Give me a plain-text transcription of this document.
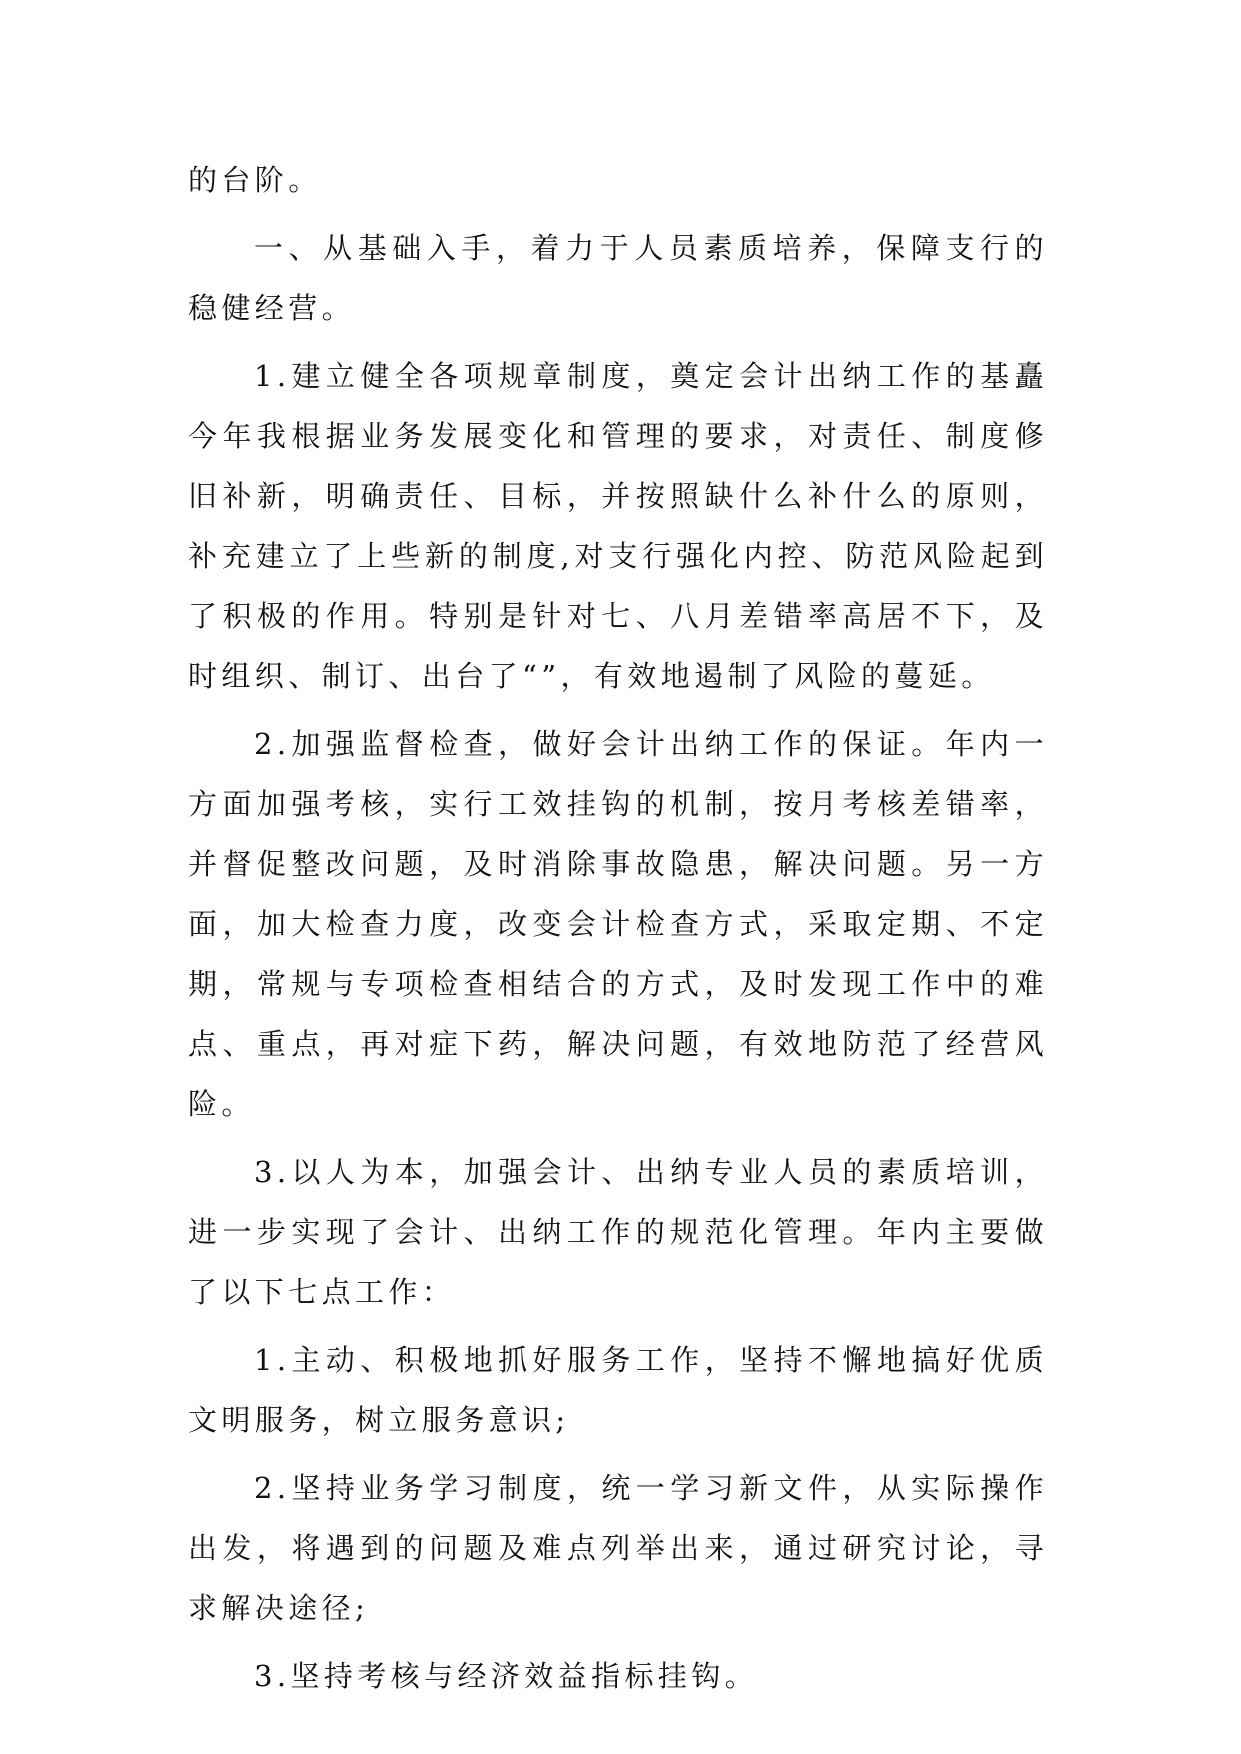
的台阶。

一、从基础入手，着力于人员素质培养，保障支行的稳健经营。

1.建立健全各项规章制度，奠定会计出纳工作的基矗今年我根据业务发展变化和管理的要求，对责任、制度修旧补新，明确责任、目标，并按照缺什么补什么的原则，补充建立了上些新的制度,对支行强化内控、防范风险起到了积极的作用。特别是针对七、八月差错率高居不下，及时组织、制订、出台了“”，有效地遏制了风险的蔓延。

2.加强监督检查，做好会计出纳工作的保证。年内一方面加强考核，实行工效挂钩的机制，按月考核差错率，并督促整改问题，及时消除事故隐患，解决问题。另一方面，加大检查力度，改变会计检查方式，采取定期、不定期，常规与专项检查相结合的方式，及时发现工作中的难点、重点，再对症下药，解决问题，有效地防范了经营风险。

3.以人为本，加强会计、出纳专业人员的素质培训，进一步实现了会计、出纳工作的规范化管理。年内主要做了以下七点工作：

1.主动、积极地抓好服务工作，坚持不懈地搞好优质文明服务，树立服务意识;

2.坚持业务学习制度，统一学习新文件，从实际操作出发，将遇到的问题及难点列举出来，通过研究讨论，寻求解决途径;

3.坚持考核与经济效益指标挂钩。
